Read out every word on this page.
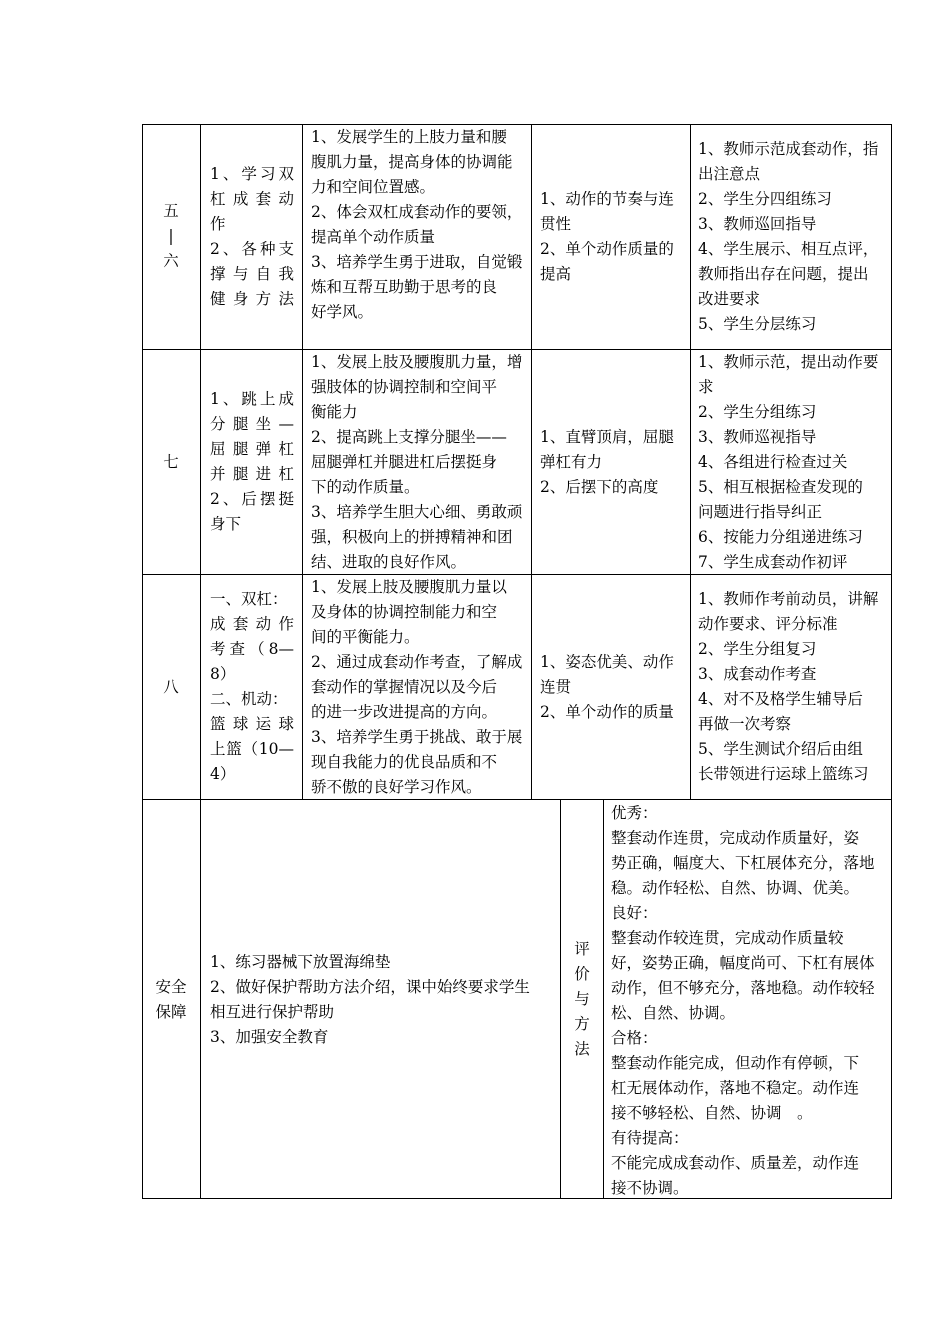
五
|
六
1、学习双
杠成套动
作
2、各种支
撑与自我
健身方法
1、发展学生的上肢力量和腰
腹肌力量，提高身体的协调能
力和空间位置感。
2、体会双杠成套动作的要领，
提高单个动作质量
3、培养学生勇于进取，自觉锻
炼和互帮互助勤于思考的良
好学风。
1、动作的节奏与连
贯性
2、单个动作质量的
提高
1、教师示范成套动作，指
出注意点
2、学生分四组练习
3、教师巡回指导
4、学生展示、相互点评，
教师指出存在问题，提出
改进要求
5、学生分层练习
七
1、跳上成
分腿坐—
屈腿弹杠
并腿进杠
2、后摆挺
身下
1、发展上肢及腰腹肌力量，增
强肢体的协调控制和空间平
衡能力
2、提高跳上支撑分腿坐——
屈腿弹杠并腿进杠后摆挺身
下的动作质量。
3、培养学生胆大心细、勇敢顽
强，积极向上的拼搏精神和团
结、进取的良好作风。
1、直臂顶肩，屈腿
弹杠有力
2、后摆下的高度
1、教师示范，提出动作要
求
2、学生分组练习
3、教师巡视指导
4、各组进行检查过关
5、相互根据检查发现的
问题进行指导纠正
6、按能力分组递进练习
7、学生成套动作初评
八
一、双杠：
成套动作
考查（8—
8）
二、机动：
篮球运球
上篮（10—
4）
1、发展上肢及腰腹肌力量以
及身体的协调控制能力和空
间的平衡能力。
2、通过成套动作考查，了解成
套动作的掌握情况以及今后
的进一步改进提高的方向。
3、培养学生勇于挑战、敢于展
现自我能力的优良品质和不
骄不傲的良好学习作风。
1、姿态优美、动作
连贯
2、单个动作的质量
1、教师作考前动员，讲解
动作要求、评分标准
2、学生分组复习
3、成套动作考查
4、对不及格学生辅导后
再做一次考察
5、学生测试介绍后由组
长带领进行运球上篮练习
安全
保障
1、练习器械下放置海绵垫
2、做好保护帮助方法介绍，课中始终要求学生
相互进行保护帮助
3、加强安全教育
评
价
与
方
法
优秀：
整套动作连贯，完成动作质量好，姿
势正确，幅度大、下杠展体充分，落地
稳。动作轻松、自然、协调、优美。
良好：
整套动作较连贯，完成动作质量较
好，姿势正确，幅度尚可、下杠有展体
动作，但不够充分，落地稳。动作较轻
松、自然、协调。
合格：
整套动作能完成，但动作有停顿，下
杠无展体动作，落地不稳定。动作连
接不够轻松、自然、协调　。
有待提高：
不能完成成套动作、质量差，动作连
接不协调。
